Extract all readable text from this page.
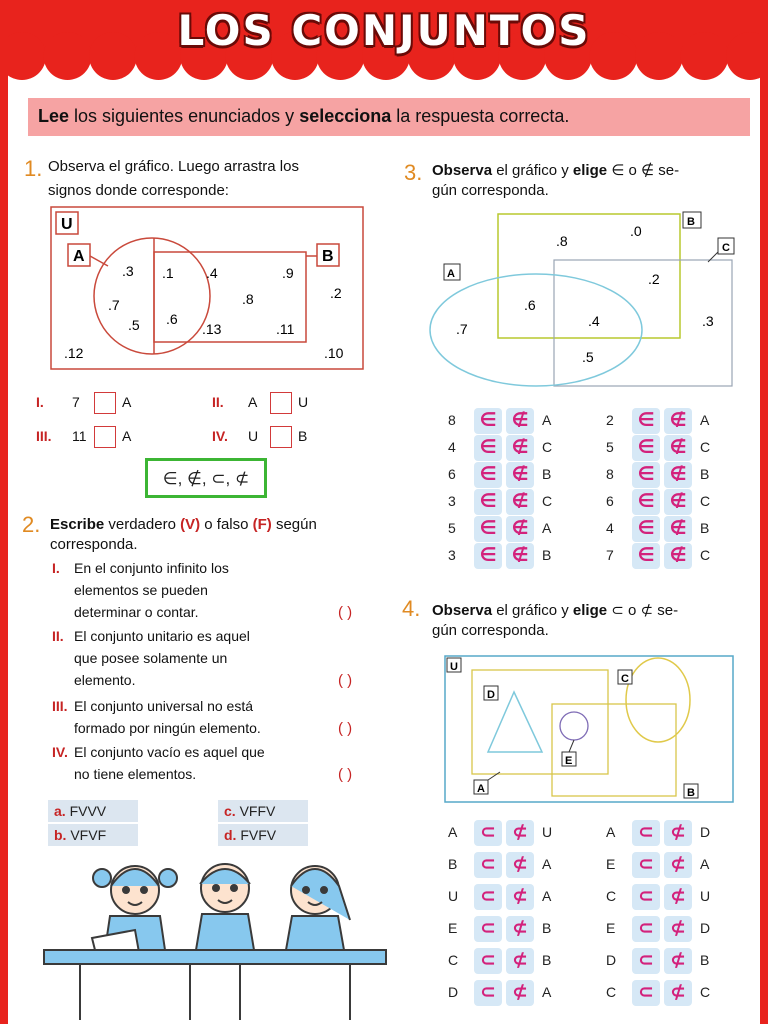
LOS CONJUNTOS
Lee los siguientes enunciados y selecciona la respuesta correcta.
1. Observa el gráfico. Luego arrastra los
signos donde corresponde:
U
A	B
.3 .1 .4	.9
.7	.8	.2
.5 .6
.13	.11
.12	.10
I. 7	A	II. A	U
III. 11	A	IV. U	B
∈, ∉, ⊂, ⊄
2. Escribe verdadero (V) o falso (F) según
corresponda.
I. En el conjunto infinito los
elementos se pueden
determinar o contar.	( )
II. El conjunto unitario es aquel
que posee solamente un
elemento.	( )
III. El conjunto universal no está
formado por ningún elemento.	( )
IV. El conjunto vacío es aquel que
no tiene elementos.	( )
a. FVVV	c. VFFV
b. VFVF	d. FVFV
3. Observa el gráfico y elige ∈ o ∉ se-
gún corresponda.
B
C
A
.0
.8
.2
.6
.4	.3
.7
.5
8 ∈ ∉ A
4 ∈ ∉ C
6 ∈ ∉ B
3 ∈ ∉ C
5 ∈ ∉ A
3 ∈ ∉ B
2 ∈ ∉ A
5 ∈ ∉ C
8 ∈ ∉ B
6 ∈ ∉ C
4 ∈ ∉ B
7 ∈ ∉ C
4. Observa el gráfico y elige ⊂ o ⊄ se-
gún corresponda.
U
C
D
E
A	B
A	⊂ ⊄	U
B	⊂ ⊄	A
U	⊂ ⊄	A
E	⊂ ⊄	B
C	⊂ ⊄	B
D	⊂ ⊄	A
A	⊂ ⊄	D
E	⊂ ⊄	A
C	⊂ ⊄	U
E	⊂ ⊄	D
D	⊂ ⊄	B
C	⊂ ⊄	C
